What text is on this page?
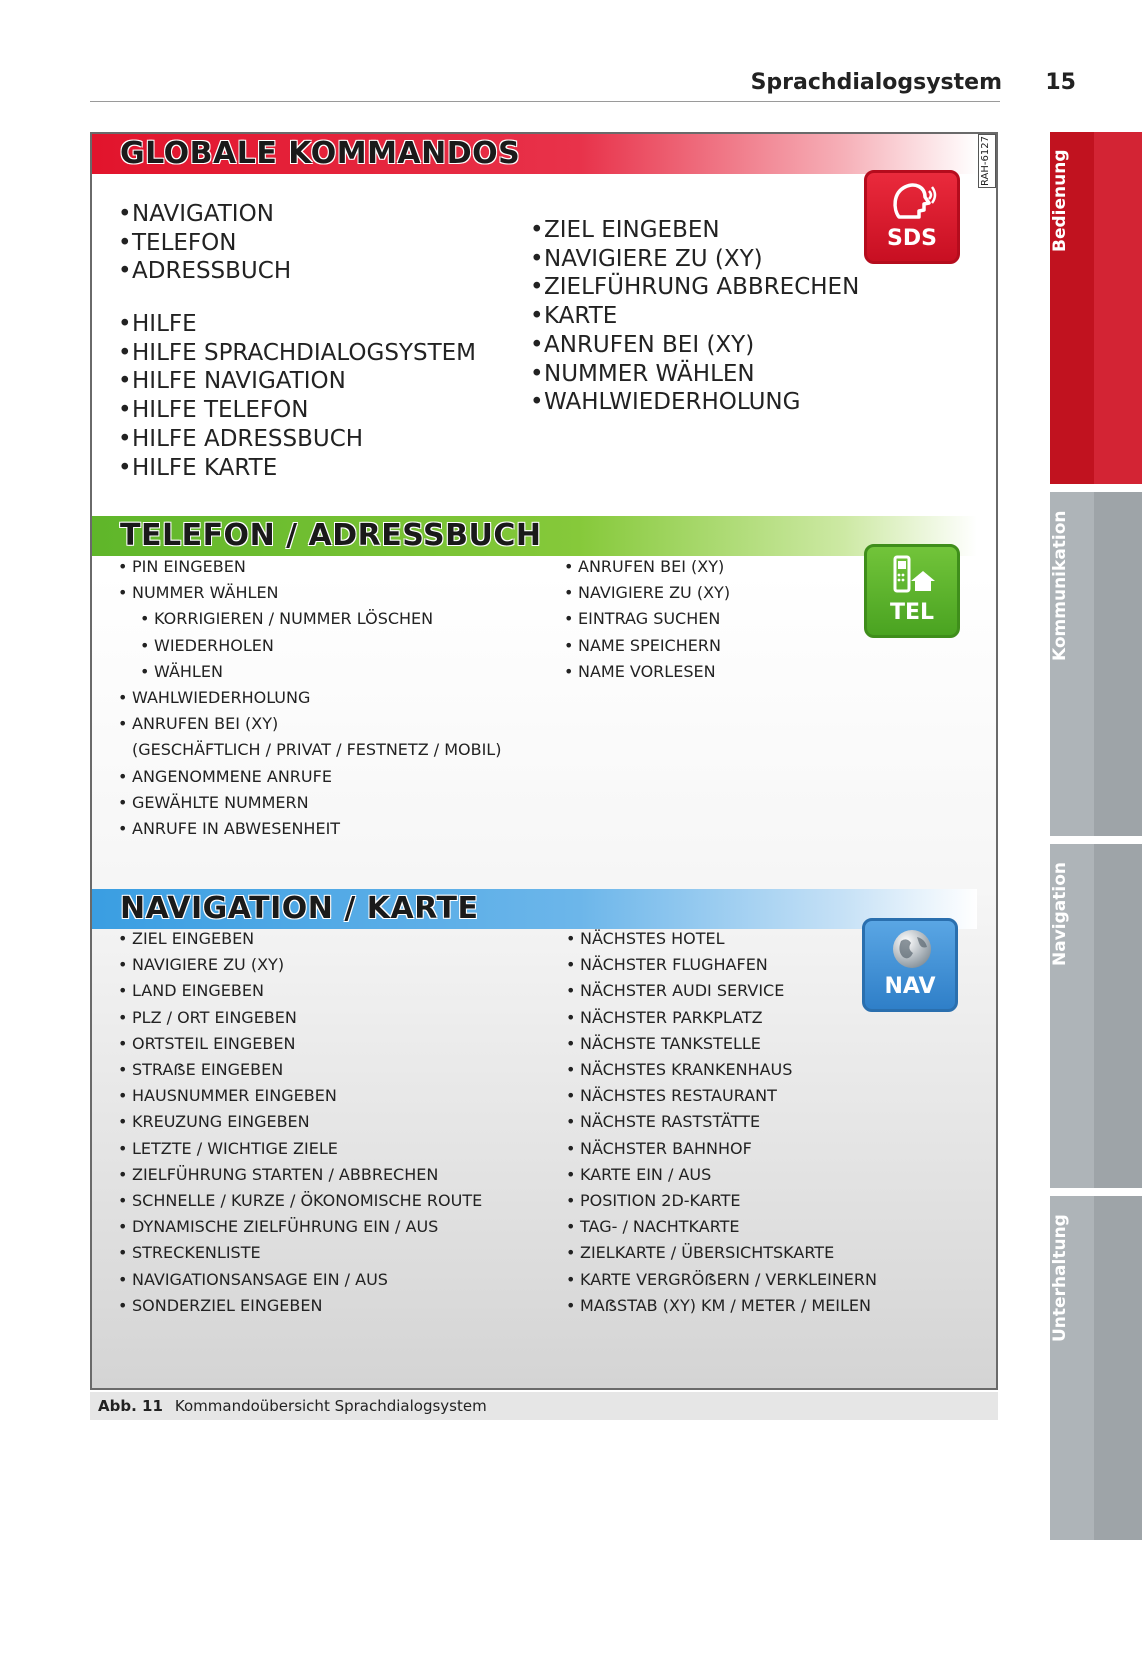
Sprachdialogsystem 15
RAH-6127
GLOBALE KOMMANDOS
• NAVIGATION
• TELEFON
• ADRESSBUCH
• HILFE
• HILFE SPRACHDIALOGSYSTEM
• HILFE NAVIGATION
• HILFE TELEFON
• HILFE ADRESSBUCH
• HILFE KARTE
• ZIEL EINGEBEN
• NAVIGIERE ZU (XY)
• ZIELFÜHRUNG ABBRECHEN
• KARTE
• ANRUFEN BEI (XY)
• NUMMER WÄHLEN
• WAHLWIEDERHOLUNG
SDS
TELEFON / ADRESSBUCH
• PIN EINGEBEN
• NUMMER WÄHLEN
• KORRIGIEREN / NUMMER LÖSCHEN
• WIEDERHOLEN
• WÄHLEN
• WAHLWIEDERHOLUNG
• ANRUFEN BEI (XY)
(GESCHÄFTLICH / PRIVAT / FESTNETZ / MOBIL)
• ANGENOMMENE ANRUFE
• GEWÄHLTE NUMMERN
• ANRUFE IN ABWESENHEIT
• ANRUFEN BEI (XY)
• NAVIGIERE ZU (XY)
• EINTRAG SUCHEN
• NAME SPEICHERN
• NAME VORLESEN
TEL
NAVIGATION / KARTE
• ZIEL EINGEBEN
• NAVIGIERE ZU (XY)
• LAND EINGEBEN
• PLZ / ORT EINGEBEN
• ORTSTEIL EINGEBEN
• STRAẞE EINGEBEN
• HAUSNUMMER EINGEBEN
• KREUZUNG EINGEBEN
• LETZTE / WICHTIGE ZIELE
• ZIELFÜHRUNG STARTEN / ABBRECHEN
• SCHNELLE / KURZE / ÖKONOMISCHE ROUTE
• DYNAMISCHE ZIELFÜHRUNG EIN / AUS
• STRECKENLISTE
• NAVIGATIONSANSAGE EIN / AUS
• SONDERZIEL EINGEBEN
• NÄCHSTES HOTEL
• NÄCHSTER FLUGHAFEN
• NÄCHSTER AUDI SERVICE
• NÄCHSTER PARKPLATZ
• NÄCHSTE TANKSTELLE
• NÄCHSTES KRANKENHAUS
• NÄCHSTES RESTAURANT
• NÄCHSTE RASTSTÄTTE
• NÄCHSTER BAHNHOF
• KARTE EIN / AUS
• POSITION 2D-KARTE
• TAG- / NACHTKARTE
• ZIELKARTE / ÜBERSICHTSKARTE
• KARTE VERGRÖẞERN / VERKLEINERN
• MAẞSTAB (XY) KM / METER / MEILEN
NAV
Abb. 11 Kommandoübersicht Sprachdialogsystem
Bedienung
Kommunikation
Navigation
Unterhaltung
